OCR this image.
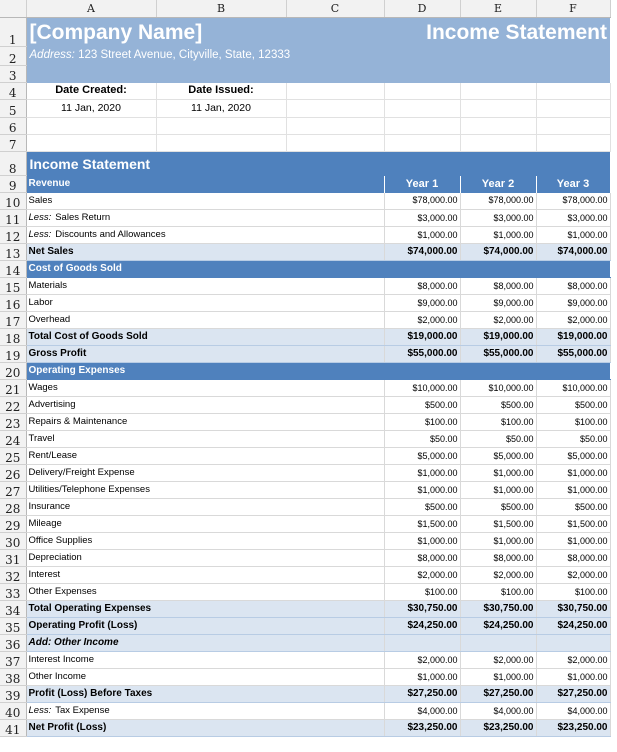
	A	B	C	D	E	F
1	[Company Name]			Income Statement		
2	Address: 123 Street Avenue, Cityville, State, 12333					
3						
4	Date Created:	Date Issued:				
5	11 Jan, 2020	11 Jan, 2020				
6						
7						
8	Income Statement					
9	Revenue			Year 1	Year 2	Year 3
10	Sales			$78,000.00	$78,000.00	$78,000.00
11	Less: Sales Return			$3,000.00	$3,000.00	$3,000.00
12	Less: Discounts and Allowances			$1,000.00	$1,000.00	$1,000.00
13	Net Sales			$74,000.00	$74,000.00	$74,000.00
14	Cost of Goods Sold					
15	Materials			$8,000.00	$8,000.00	$8,000.00
16	Labor			$9,000.00	$9,000.00	$9,000.00
17	Overhead			$2,000.00	$2,000.00	$2,000.00
18	Total Cost of Goods Sold			$19,000.00	$19,000.00	$19,000.00
19	Gross Profit			$55,000.00	$55,000.00	$55,000.00
20	Operating Expenses					
21	Wages			$10,000.00	$10,000.00	$10,000.00
22	Advertising			$500.00	$500.00	$500.00
23	Repairs & Maintenance			$100.00	$100.00	$100.00
24	Travel			$50.00	$50.00	$50.00
25	Rent/Lease			$5,000.00	$5,000.00	$5,000.00
26	Delivery/Freight Expense			$1,000.00	$1,000.00	$1,000.00
27	Utilities/Telephone Expenses			$1,000.00	$1,000.00	$1,000.00
28	Insurance			$500.00	$500.00	$500.00
29	Mileage			$1,500.00	$1,500.00	$1,500.00
30	Office Supplies			$1,000.00	$1,000.00	$1,000.00
31	Depreciation			$8,000.00	$8,000.00	$8,000.00
32	Interest			$2,000.00	$2,000.00	$2,000.00
33	Other Expenses			$100.00	$100.00	$100.00
34	Total Operating Expenses			$30,750.00	$30,750.00	$30,750.00
35	Operating Profit (Loss)			$24,250.00	$24,250.00	$24,250.00
36	Add: Other Income					
37	Interest Income			$2,000.00	$2,000.00	$2,000.00
38	Other Income			$1,000.00	$1,000.00	$1,000.00
39	Profit (Loss) Before Taxes			$27,250.00	$27,250.00	$27,250.00
40	Less: Tax Expense			$4,000.00	$4,000.00	$4,000.00
41	Net Profit (Loss)			$23,250.00	$23,250.00	$23,250.00
